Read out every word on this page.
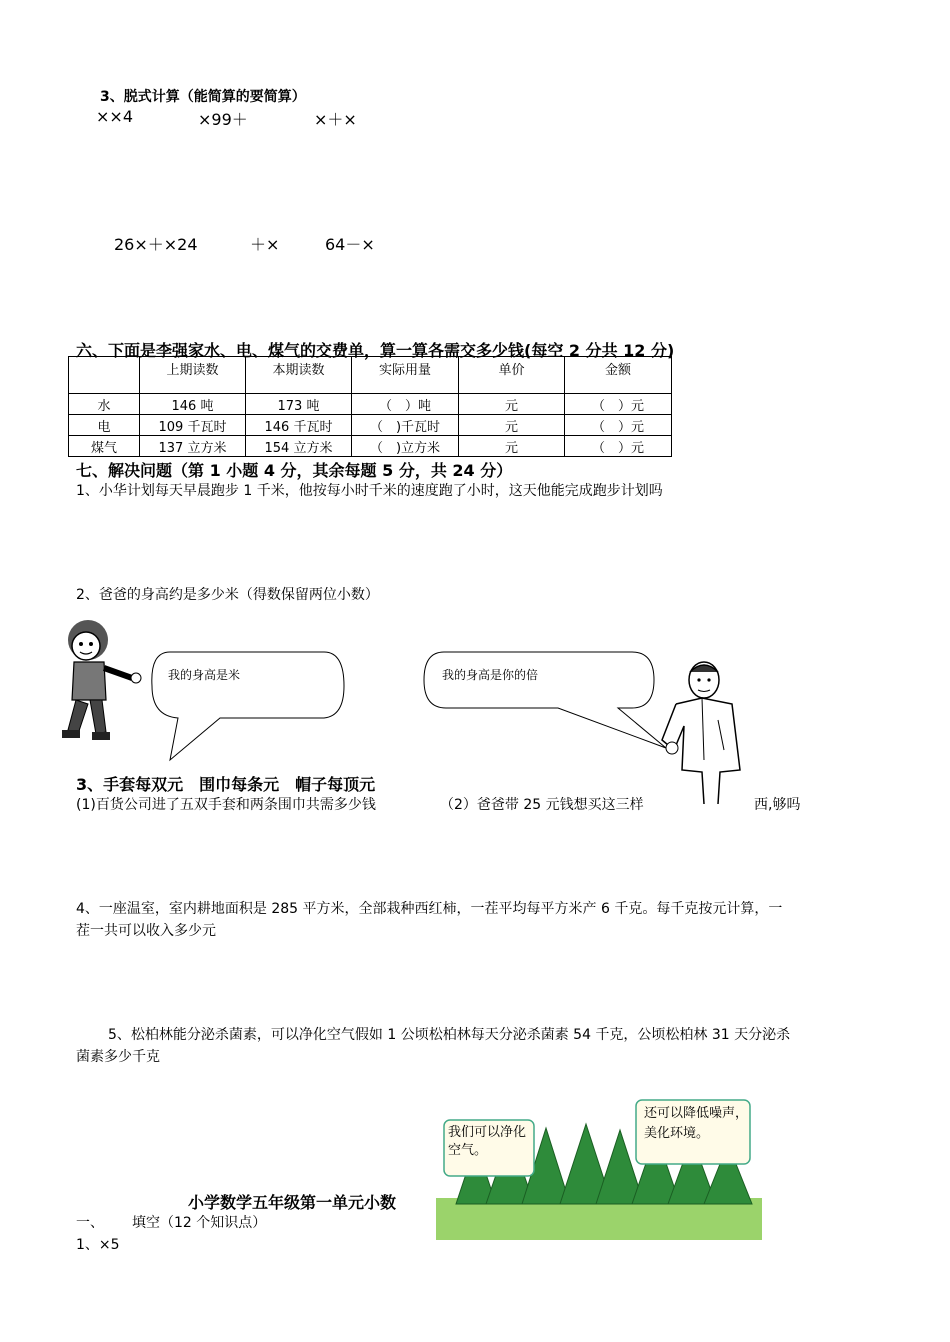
3、脱式计算（能简算的要简算）
××4	×99＋	×＋×
26×＋×24	＋×	64－×
六、下面是李强家水、电、煤气的交费单，算一算各需交多少钱(每空 2 分共 12 分)
	上期读数	本期读数	实际用量	单价	金额
水	146 吨	173 吨	（　）吨	元	（　）元
电	109 千瓦时	146 千瓦时	（　)千瓦时	元	（　）元
煤气	137 立方米	154 立方米	（　)立方米	元	（　）元
七、解决问题（第 1 小题 4 分，其余每题 5 分，共 24 分）
1、小华计划每天早晨跑步 1 千米，他按每小时千米的速度跑了小时，这天他能完成跑步计划吗
2、爸爸的身高约是多少米（得数保留两位小数）
我的身高是米	我的身高是你的倍
3、手套每双元　围巾每条元　帽子每顶元
(1)百货公司进了五双手套和两条围巾共需多少钱	（2）爸爸带 25 元钱想买这三样	西,够吗
4、一座温室，室内耕地面积是 285 平方米，全部栽种西红柿，一茬平均每平方米产 6 千克。每千克按元计算，一
茬一共可以收入多少元
5、松柏林能分泌杀菌素，可以净化空气假如 1 公顷松柏林每天分泌杀菌素 54 千克，公顷松柏林 31 天分泌杀
菌素多少千克
我们可以净化空气。
还可以降低噪声，美化环境。
小学数学五年级第一单元小数
一、 填空（12 个知识点）
1、×5
